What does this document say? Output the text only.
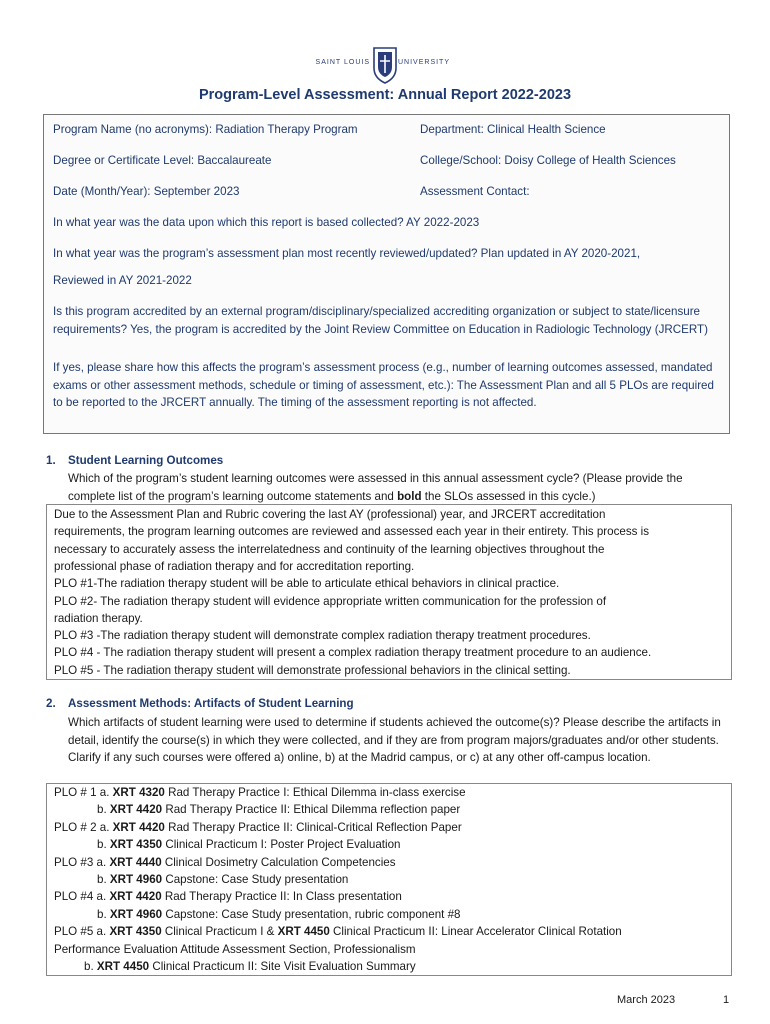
SAINT LOUIS	UNIVERSITY
Program-Level Assessment: Annual Report 2022-2023
Program Name (no acronyms): Radiation Therapy Program	Department: Clinical Health Science
Degree or Certificate Level: Baccalaureate	College/School: Doisy College of Health Sciences
Date (Month/Year): September 2023	Assessment Contact:
In what year was the data upon which this report is based collected? AY 2022-2023
In what year was the program’s assessment plan most recently reviewed/updated? Plan updated in AY 2020-2021,
Reviewed in AY 2021-2022
Is this program accredited by an external program/disciplinary/specialized accrediting organization or subject to state/licensure requirements? Yes, the program is accredited by the Joint Review Committee on Education in Radiologic Technology (JRCERT)
If yes, please share how this affects the program’s assessment process (e.g., number of learning outcomes assessed, mandated exams or other assessment methods, schedule or timing of assessment, etc.): The Assessment Plan and all 5 PLOs are required to be reported to the JRCERT annually. The timing of the assessment reporting is not affected.
1. Student Learning Outcomes
Which of the program’s student learning outcomes were assessed in this annual assessment cycle? (Please provide the complete list of the program’s learning outcome statements and bold the SLOs assessed in this cycle.)
Due to the Assessment Plan and Rubric covering the last AY (professional) year, and JRCERT accreditation
requirements, the program learning outcomes are reviewed and assessed each year in their entirety. This process is
necessary to accurately assess the interrelatedness and continuity of the learning objectives throughout the
professional phase of radiation therapy and for accreditation reporting.
PLO #1-The radiation therapy student will be able to articulate ethical behaviors in clinical practice.
PLO #2- The radiation therapy student will evidence appropriate written communication for the profession of
radiation therapy.
PLO #3 -The radiation therapy student will demonstrate complex radiation therapy treatment procedures.
PLO #4 - The radiation therapy student will present a complex radiation therapy treatment procedure to an audience.
PLO #5 - The radiation therapy student will demonstrate professional behaviors in the clinical setting.
2. Assessment Methods: Artifacts of Student Learning
Which artifacts of student learning were used to determine if students achieved the outcome(s)? Please describe the artifacts in detail, identify the course(s) in which they were collected, and if they are from program majors/graduates and/or other students. Clarify if any such courses were offered a) online, b) at the Madrid campus, or c) at any other off-campus location.
PLO # 1 a. XRT 4320 Rad Therapy Practice I: Ethical Dilemma in-class exercise
b. XRT 4420 Rad Therapy Practice II: Ethical Dilemma reflection paper
PLO # 2 a. XRT 4420 Rad Therapy Practice II: Clinical-Critical Reflection Paper
b. XRT 4350 Clinical Practicum I: Poster Project Evaluation
PLO #3 a. XRT 4440 Clinical Dosimetry Calculation Competencies
b. XRT 4960 Capstone: Case Study presentation
PLO #4 a. XRT 4420 Rad Therapy Practice II: In Class presentation
b. XRT 4960 Capstone: Case Study presentation, rubric component #8
PLO #5 a. XRT 4350 Clinical Practicum I & XRT 4450 Clinical Practicum II: Linear Accelerator Clinical Rotation
Performance Evaluation Attitude Assessment Section, Professionalism
b. XRT 4450 Clinical Practicum II: Site Visit Evaluation Summary
March 2023	1
